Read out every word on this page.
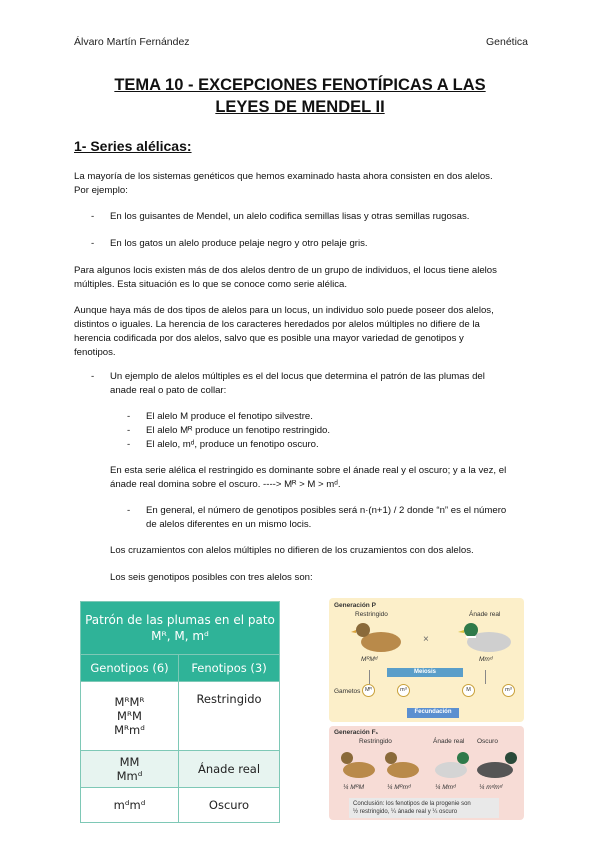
Álvaro Martín Fernández	Genética
TEMA 10 - EXCEPCIONES FENOTÍPICAS A LAS
LEYES DE MENDEL II
1- Series alélicas:
La mayoría de los sistemas genéticos que hemos examinado hasta ahora consisten en dos alelos.
Por ejemplo:
- En los guisantes de Mendel, un alelo codifica semillas lisas y otras semillas rugosas.
- En los gatos un alelo produce pelaje negro y otro pelaje gris.
Para algunos locis existen más de dos alelos dentro de un grupo de individuos, el locus tiene alelos
múltiples. Esta situación es lo que se conoce como serie alélica.
Aunque haya más de dos tipos de alelos para un locus, un individuo solo puede poseer dos alelos,
distintos o iguales. La herencia de los caracteres heredados por alelos múltiples no difiere de la
herencia codificada por dos alelos, salvo que es posible una mayor variedad de genotipos y
fenotipos.
- Un ejemplo de alelos múltiples es el del locus que determina el patrón de las plumas del
anade real o pato de collar:
- El alelo M produce el fenotipo silvestre.
- El alelo Mᴿ produce un fenotipo restringido.
- El alelo, mᵈ, produce un fenotipo oscuro.
En esta serie alélica el restringido es dominante sobre el ánade real y el oscuro; y a la vez, el
ánade real domina sobre el oscuro. ----> Mᴿ > M > mᵈ.
- En general, el número de genotipos posibles será n·(n+1) / 2 donde “n” es el número
de alelos diferentes en un mismo locis.
Los cruzamientos con alelos múltiples no difieren de los cruzamientos con dos alelos.
Los seis genotipos posibles con tres alelos son:
Patrón de las plumas en el pato
Mᴿ, M, mᵈ	

Genotipos (6)	Fenotipos (3)

MᴿMᴿ
MᴿM
Mᴿmᵈ	Restringido

MM
Mmᵈ	Ánade real
mᵈmᵈ	Oscuro
Generación P
Restringido	Ánade real
×
MᴿMᵈ	Mmᵈ
Meiosis
Gametos Mᴿ	mᵈ	M	mᵈ
Fecundación
Generación F₁
Restringido	Ánade real Oscuro
¼ MᴿM	¼ Mᴿmᵈ	¼ Mmᵈ	¼ mᵈmᵈ
Conclusión: los fenotipos de la progenie son
½ restringido, ¼ ánade real y ¼ oscuro
